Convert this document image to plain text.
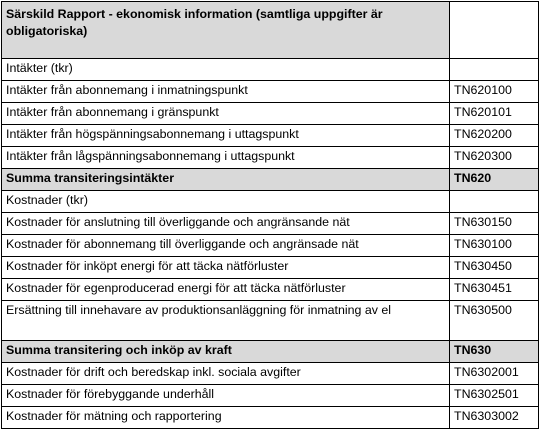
Särskild Rapport - ekonomisk information (samtliga uppgifter är obligatoriska)	
Intäkter (tkr)	
Intäkter från abonnemang i inmatningspunkt	TN620100
Intäkter från abonnemang i gränspunkt	TN620101
Intäkter från högspänningsabonnemang i uttagspunkt	TN620200
Intäkter från lågspänningsabonnemang i uttagspunkt	TN620300
Summa transiteringsintäkter	TN620
Kostnader (tkr)	
Kostnader för anslutning till överliggande och angränsande nät	TN630150
Kostnader för abonnemang till överliggande och angränsade nät	TN630100
Kostnader för inköpt energi för att täcka nätförluster	TN630450
Kostnader för egenproducerad energi för att täcka nätförluster	TN630451
Ersättning till innehavare av produktionsanläggning för inmatning av el	TN630500
Summa transitering och inköp av kraft	TN630
Kostnader för drift och beredskap inkl. sociala avgifter	TN6302001
Kostnader för förebyggande underhåll	TN6302501
Kostnader för mätning och rapportering	TN6303002
